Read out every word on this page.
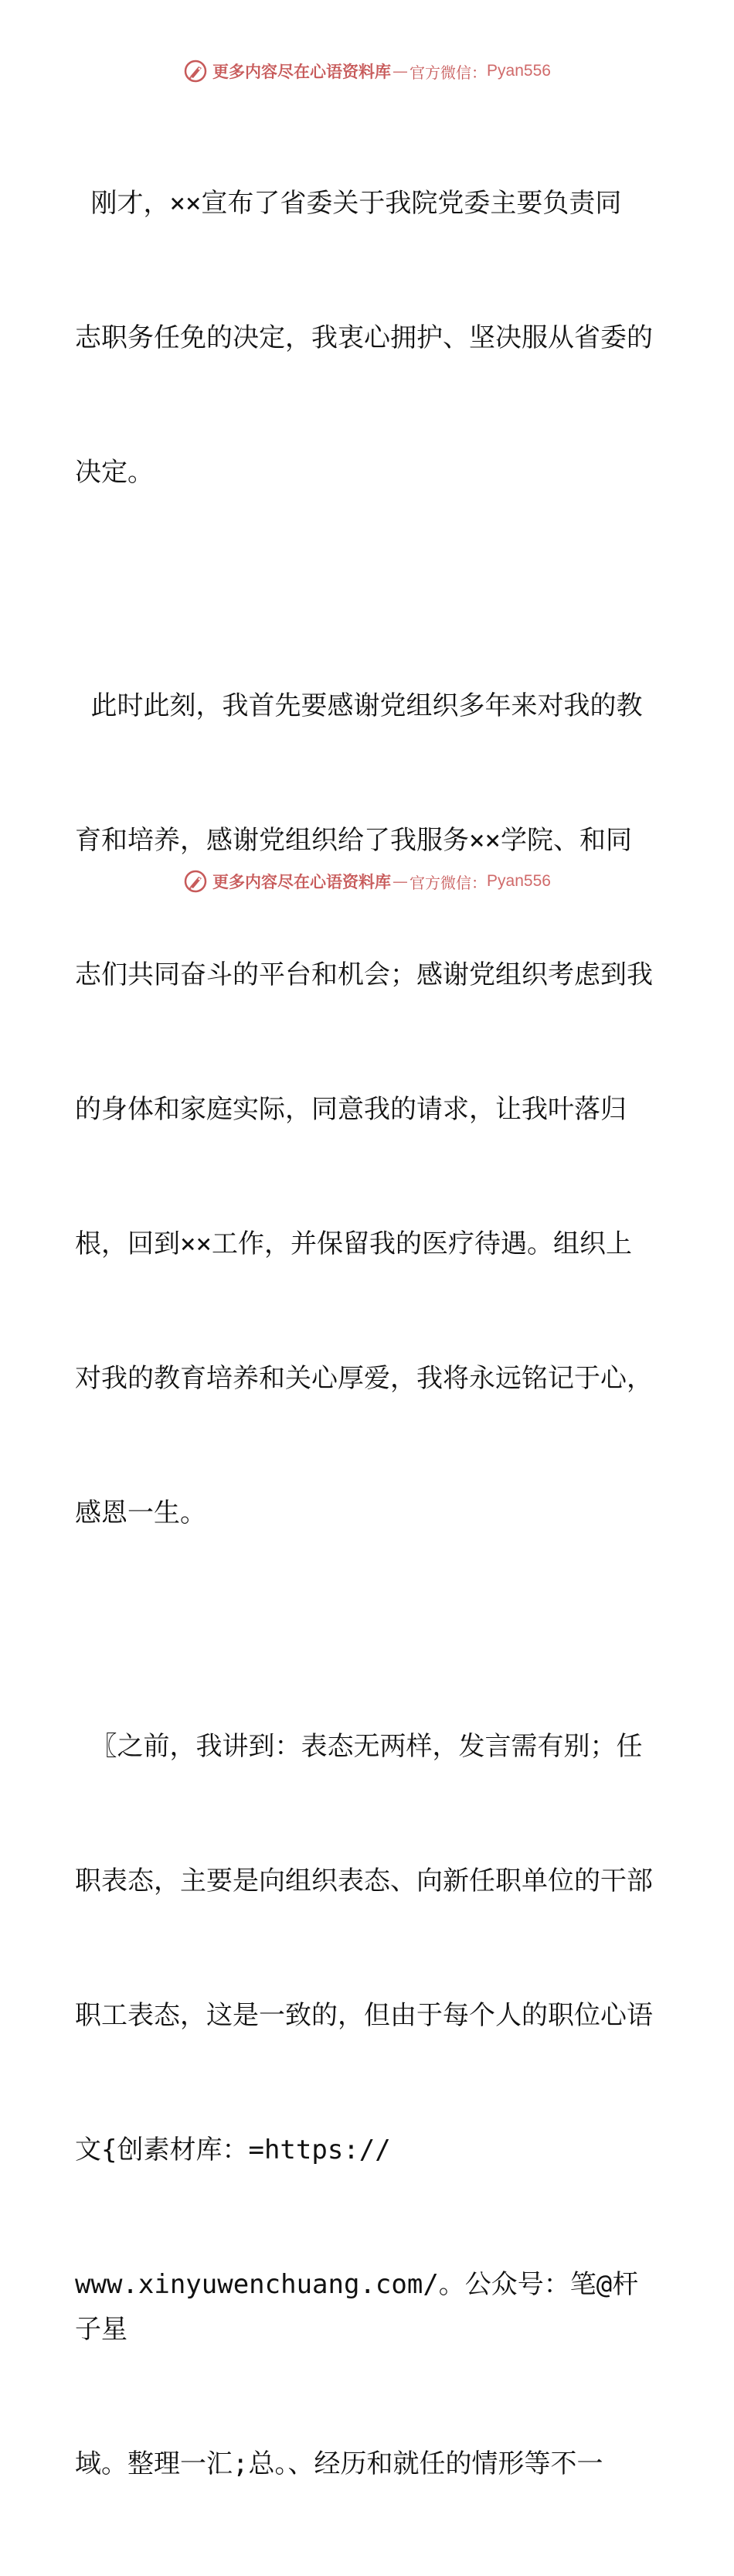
更多内容尽在心语资料库 — 官方微信： Pyan556

刚才，××宣布了省委关于我院党委主要负责同

志职务任免的决定，我衷心拥护、坚决服从省委的

决定。

此时此刻，我首先要感谢党组织多年来对我的教

育和培养，感谢党组织给了我服务××学院、和同

志们共同奋斗的平台和机会；感谢党组织考虑到我

的身体和家庭实际，同意我的请求，让我叶落归

根，回到××工作，并保留我的医疗待遇。组织上

对我的教育培养和关心厚爱，我将永远铭记于心，

感恩一生。

〖之前，我讲到：表态无两样，发言需有别；任

职表态，主要是向组织表态、向新任职单位的干部

职工表态，这是一致的，但由于每个人的职位心语

文{创素材库：=https://

www.xinyuwenchuang.com/。公众号：笔@杆子星

域。整理一汇;总。、经历和就任的情形等不一

更多内容尽在心语资料库 — 官方微信： Pyan556
